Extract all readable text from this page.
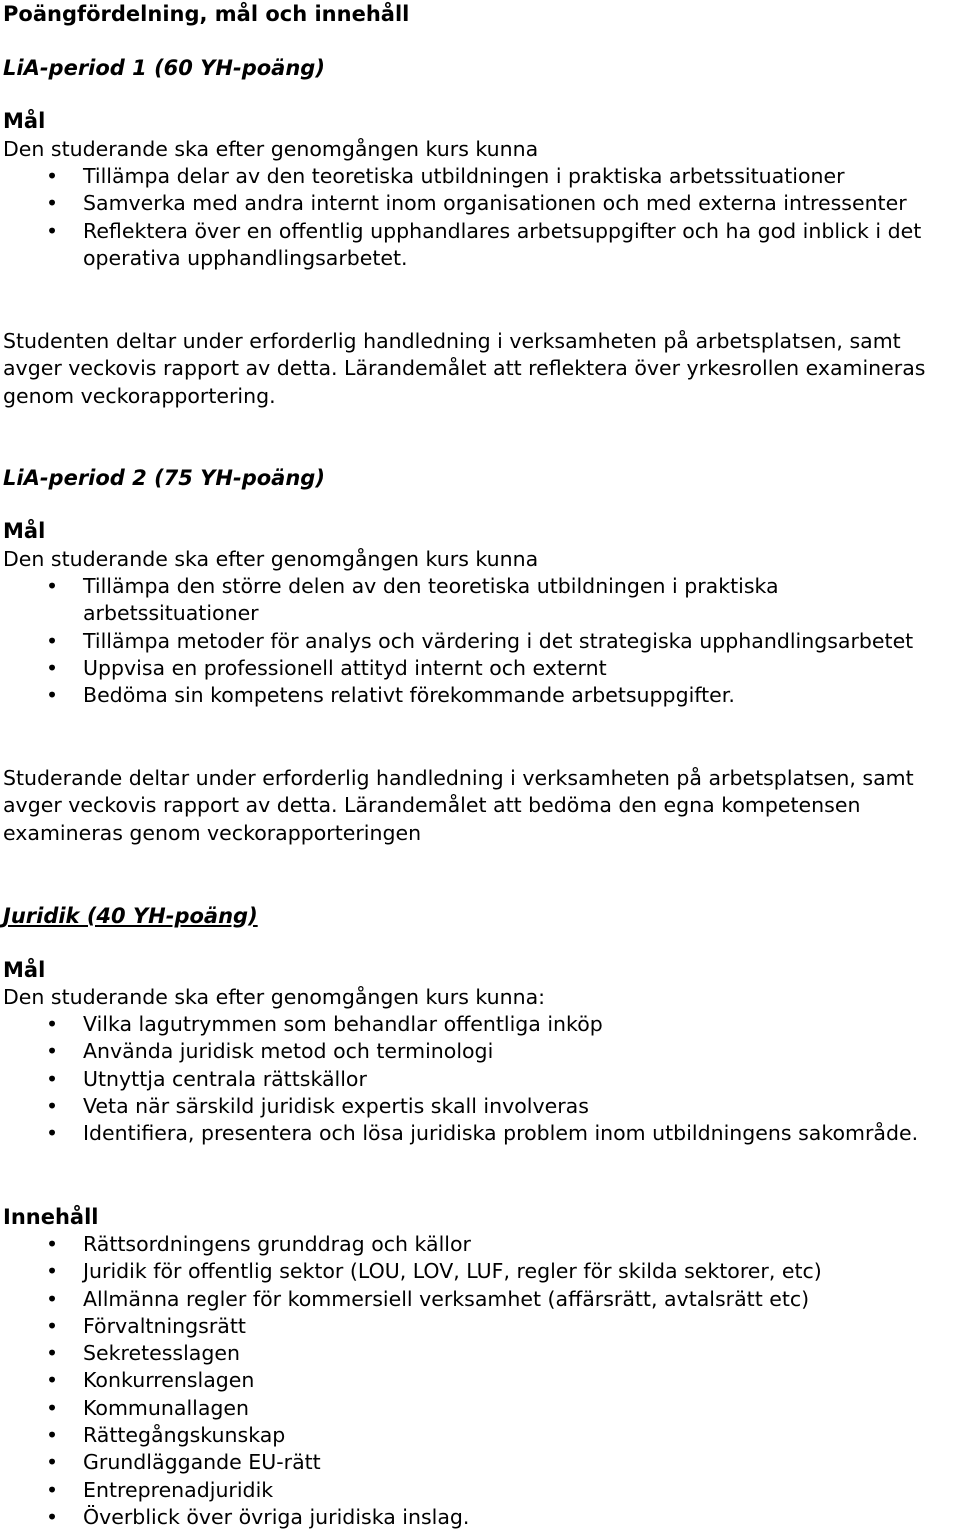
Poängfördelning, mål och innehåll
LiA-period 1 (60 YH-poäng)
Mål
Den studerande ska efter genomgången kurs kunna
• Tillämpa delar av den teoretiska utbildningen i praktiska arbetssituationer
• Samverka med andra internt inom organisationen och med externa intressenter
• Reflektera över en offentlig upphandlares arbetsuppgifter och ha god inblick i det operativa upphandlingsarbetet.

Studenten deltar under erforderlig handledning i verksamheten på arbetsplatsen, samt avger veckovis rapport av detta. Lärandemålet att reflektera över yrkesrollen examineras genom veckorapportering.

LiA-period 2 (75 YH-poäng)
Mål
Den studerande ska efter genomgången kurs kunna
• Tillämpa den större delen av den teoretiska utbildningen i praktiska arbetssituationer
• Tillämpa metoder för analys och värdering i det strategiska upphandlingsarbetet
• Uppvisa en professionell attityd internt och externt
• Bedöma sin kompetens relativt förekommande arbetsuppgifter.

Studerande deltar under erforderlig handledning i verksamheten på arbetsplatsen, samt avger veckovis rapport av detta. Lärandemålet att bedöma den egna kompetensen examineras genom veckorapporteringen

Juridik (40 YH-poäng)
Mål
Den studerande ska efter genomgången kurs kunna:
• Vilka lagutrymmen som behandlar offentliga inköp
• Använda juridisk metod och terminologi
• Utnyttja centrala rättskällor
• Veta när särskild juridisk expertis skall involveras
• Identifiera, presentera och lösa juridiska problem inom utbildningens sakområde.
Innehåll
• Rättsordningens grunddrag och källor
• Juridik för offentlig sektor (LOU, LOV, LUF, regler för skilda sektorer, etc)
• Allmänna regler för kommersiell verksamhet (affärsrätt, avtalsrätt etc)
• Förvaltningsrätt
• Sekretesslagen
• Konkurrenslagen
• Kommunallagen
• Rättegångskunskap
• Grundläggande EU-rätt
• Entreprenadjuridik
• Överblick över övriga juridiska inslag.
